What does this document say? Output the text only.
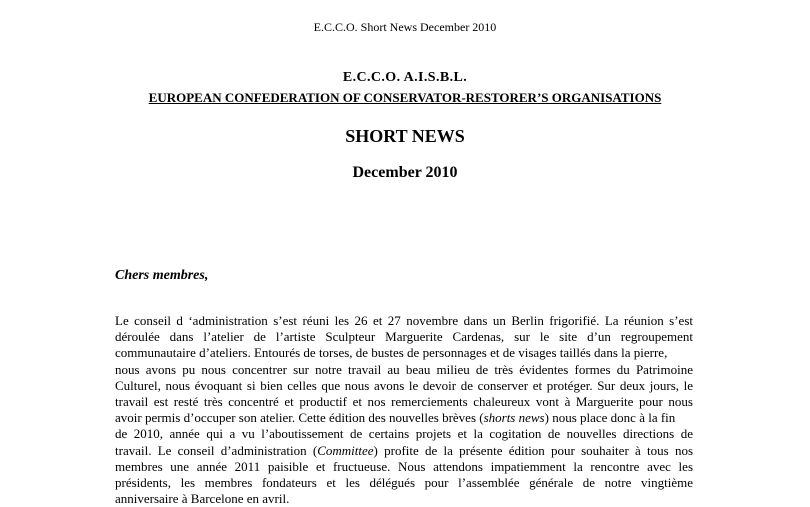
E.C.C.O. Short News December 2010
E.C.C.O. A.I.S.B.L.
EUROPEAN CONFEDERATION OF CONSERVATOR-RESTORER’S ORGANISATIONS
SHORT NEWS
December 2010
Chers membres,
Le conseil d ‘administration s’est réuni les 26 et 27 novembre dans un Berlin frigorifié. La réunion s’est
déroulée dans l’atelier de l’artiste Sculpteur Marguerite Cardenas, sur le site d’un regroupement
communautaire d’ateliers. Entourés de torses, de bustes de personnages et de visages taillés dans la pierre,
nous avons pu nous concentrer sur notre travail au beau milieu de très évidentes formes du Patrimoine
Culturel, nous évoquant si bien celles que nous avons le devoir de conserver et protéger. Sur deux jours, le
travail est resté très concentré et productif et nos remerciements chaleureux vont à Marguerite pour nous
avoir permis d’occuper son atelier. Cette édition des nouvelles brèves (shorts news) nous place donc à la fin
de 2010, année qui a vu l’aboutissement de certains projets et la cogitation de nouvelles directions de
travail. Le conseil d’administration (Committee) profite de la présente édition pour souhaiter à tous nos
membres une année 2011 paisible et fructueuse. Nous attendons impatiemment la rencontre avec les
présidents, les membres fondateurs et les délégués pour l’assemblée générale de notre vingtième
anniversaire à Barcelone en avril.
